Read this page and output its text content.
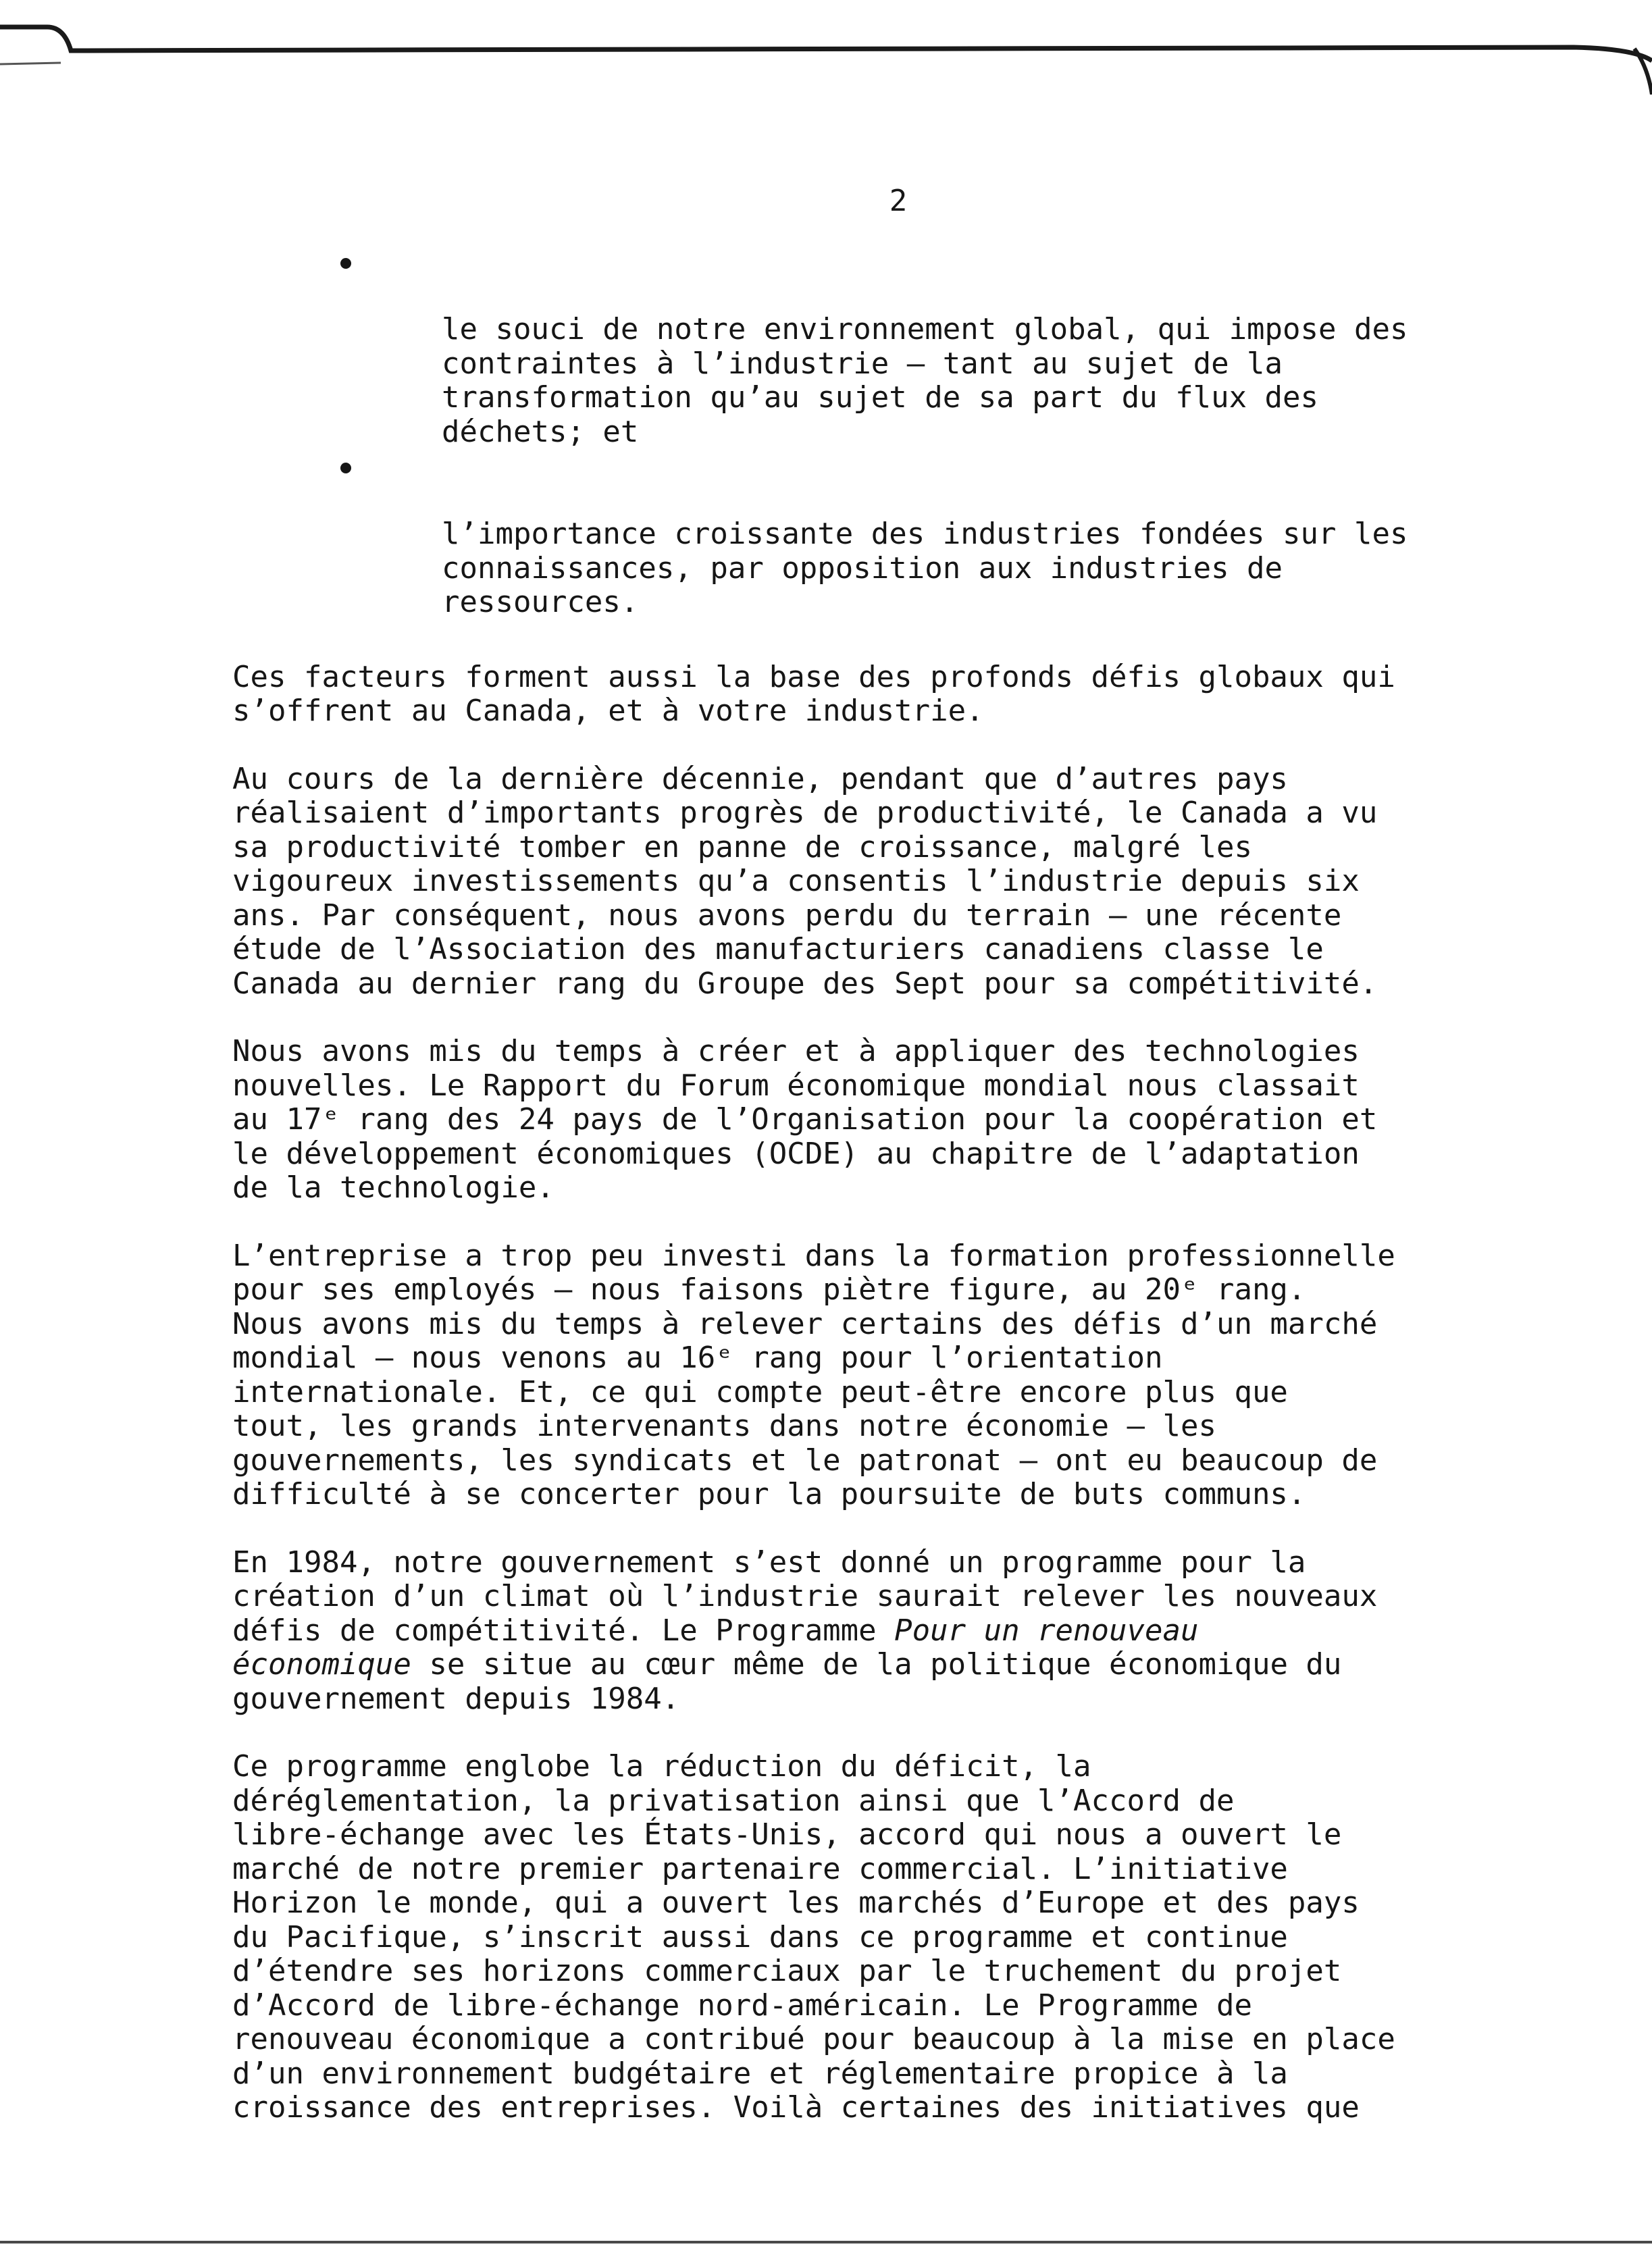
2

le souci de notre environnement global, qui impose des
contraintes à l’industrie – tant au sujet de la
transformation qu’au sujet de sa part du flux des
déchets; et

l’importance croissante des industries fondées sur les
connaissances, par opposition aux industries de
ressources.

Ces facteurs forment aussi la base des profonds défis globaux qui
s’offrent au Canada, et à votre industrie.

Au cours de la dernière décennie, pendant que d’autres pays
réalisaient d’importants progrès de productivité, le Canada a vu
sa productivité tomber en panne de croissance, malgré les
vigoureux investissements qu’a consentis l’industrie depuis six
ans. Par conséquent, nous avons perdu du terrain – une récente
étude de l’Association des manufacturiers canadiens classe le
Canada au dernier rang du Groupe des Sept pour sa compétitivité.

Nous avons mis du temps à créer et à appliquer des technologies
nouvelles. Le Rapport du Forum économique mondial nous classait
au 17ᵉ rang des 24 pays de l’Organisation pour la coopération et
le développement économiques (OCDE) au chapitre de l’adaptation
de la technologie.

L’entreprise a trop peu investi dans la formation professionnelle
pour ses employés – nous faisons piètre figure, au 20ᵉ rang.
Nous avons mis du temps à relever certains des défis d’un marché
mondial – nous venons au 16ᵉ rang pour l’orientation
internationale. Et, ce qui compte peut-être encore plus que
tout, les grands intervenants dans notre économie – les
gouvernements, les syndicats et le patronat – ont eu beaucoup de
difficulté à se concerter pour la poursuite de buts communs.

En 1984, notre gouvernement s’est donné un programme pour la
création d’un climat où l’industrie saurait relever les nouveaux
défis de compétitivité. Le Programme Pour un renouveau
économique se situe au cœur même de la politique économique du
gouvernement depuis 1984.

Ce programme englobe la réduction du déficit, la
déréglementation, la privatisation ainsi que l’Accord de
libre-échange avec les États-Unis, accord qui nous a ouvert le
marché de notre premier partenaire commercial. L’initiative
Horizon le monde, qui a ouvert les marchés d’Europe et des pays
du Pacifique, s’inscrit aussi dans ce programme et continue
d’étendre ses horizons commerciaux par le truchement du projet
d’Accord de libre-échange nord-américain. Le Programme de
renouveau économique a contribué pour beaucoup à la mise en place
d’un environnement budgétaire et réglementaire propice à la
croissance des entreprises. Voilà certaines des initiatives que
